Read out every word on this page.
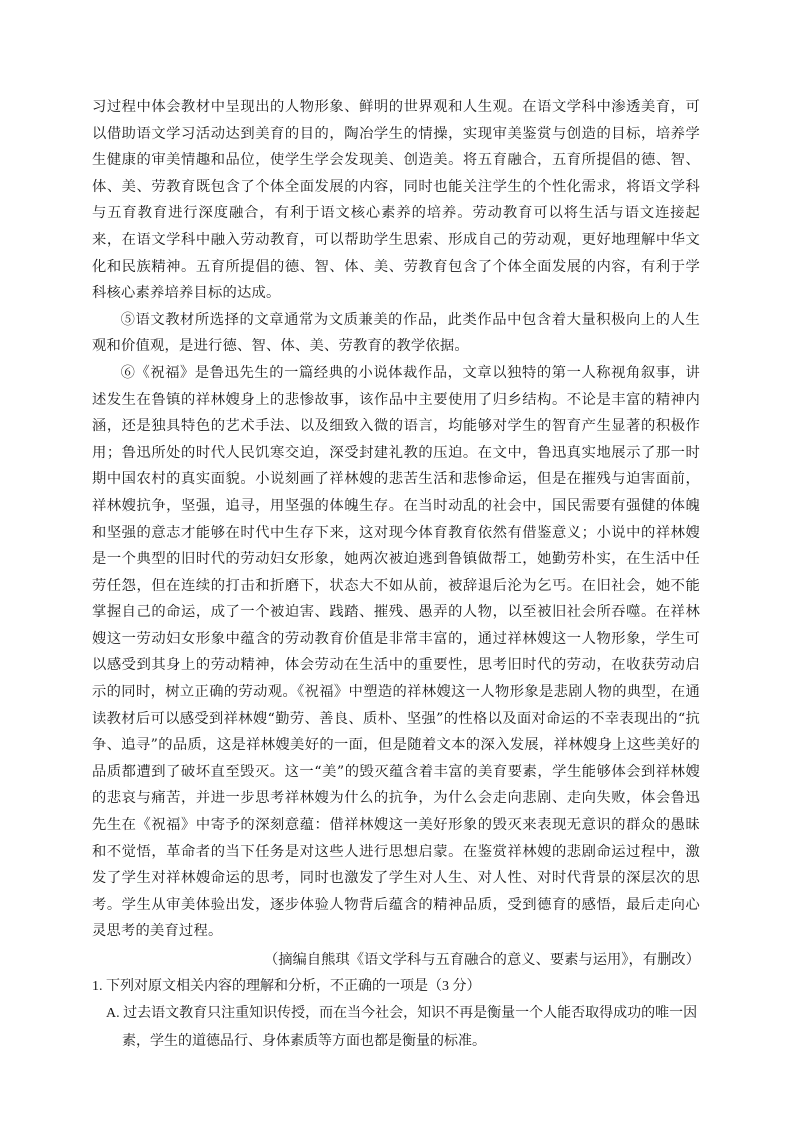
习过程中体会教材中呈现出的人物形象、鲜明的世界观和人生观。在语文学科中渗透美育，可以借助语文学习活动达到美育的目的，陶冶学生的情操，实现审美鉴赏与创造的目标，培养学生健康的审美情趣和品位，使学生学会发现美、创造美。将五育融合，五育所提倡的德、智、体、美、劳教育既包含了个体全面发展的内容，同时也能关注学生的个性化需求，将语文学科与五育教育进行深度融合，有利于语文核心素养的培养。劳动教育可以将生活与语文连接起来，在语文学科中融入劳动教育，可以帮助学生思索、形成自己的劳动观，更好地理解中华文化和民族精神。五育所提倡的德、智、体、美、劳教育包含了个体全面发展的内容，有利于学科核心素养培养目标的达成。

⑤语文教材所选择的文章通常为文质兼美的作品，此类作品中包含着大量积极向上的人生观和价值观，是进行德、智、体、美、劳教育的教学依据。

⑥《祝福》是鲁迅先生的一篇经典的小说体裁作品，文章以独特的第一人称视角叙事，讲述发生在鲁镇的祥林嫂身上的悲惨故事，该作品中主要使用了归乡结构。不论是丰富的精神内涵，还是独具特色的艺术手法、以及细致入微的语言，均能够对学生的智育产生显著的积极作用；鲁迅所处的时代人民饥寒交迫，深受封建礼教的压迫。在文中，鲁迅真实地展示了那一时期中国农村的真实面貌。小说刻画了祥林嫂的悲苦生活和悲惨命运，但是在摧残与迫害面前，祥林嫂抗争，坚强，追寻，用坚强的体魄生存。在当时动乱的社会中，国民需要有强健的体魄和坚强的意志才能够在时代中生存下来，这对现今体育教育依然有借鉴意义；小说中的祥林嫂是一个典型的旧时代的劳动妇女形象，她两次被迫逃到鲁镇做帮工，她勤劳朴实，在生活中任劳任怨，但在连续的打击和折磨下，状态大不如从前，被辞退后沦为乞丐。在旧社会，她不能掌握自己的命运，成了一个被迫害、践踏、摧残、愚弄的人物，以至被旧社会所吞噬。在祥林嫂这一劳动妇女形象中蕴含的劳动教育价值是非常丰富的，通过祥林嫂这一人物形象，学生可以感受到其身上的劳动精神，体会劳动在生活中的重要性，思考旧时代的劳动，在收获劳动启示的同时，树立正确的劳动观。《祝福》中塑造的祥林嫂这一人物形象是悲剧人物的典型，在通读教材后可以感受到祥林嫂“勤劳、善良、质朴、坚强”的性格以及面对命运的不幸表现出的“抗争、追寻”的品质，这是祥林嫂美好的一面，但是随着文本的深入发展，祥林嫂身上这些美好的品质都遭到了破坏直至毁灭。这一“美”的毁灭蕴含着丰富的美育要素，学生能够体会到祥林嫂的悲哀与痛苦，并进一步思考祥林嫂为什么的抗争，为什么会走向悲剧、走向失败，体会鲁迅先生在《祝福》中寄予的深刻意蕴：借祥林嫂这一美好形象的毁灭来表现无意识的群众的愚昧和不觉悟，革命者的当下任务是对这些人进行思想启蒙。在鉴赏祥林嫂的悲剧命运过程中，激发了学生对祥林嫂命运的思考，同时也激发了学生对人生、对人性、对时代背景的深层次的思考。学生从审美体验出发，逐步体验人物背后蕴含的精神品质，受到德育的感悟，最后走向心灵思考的美育过程。

（摘编自熊琪《语文学科与五育融合的意义、要素与运用》，有删改）

1. 下列对原文相关内容的理解和分析，不正确的一项是（3 分）

A. 过去语文教育只注重知识传授，而在当今社会，知识不再是衡量一个人能否取得成功的唯一因素，学生的道德品行、身体素质等方面也都是衡量的标准。
